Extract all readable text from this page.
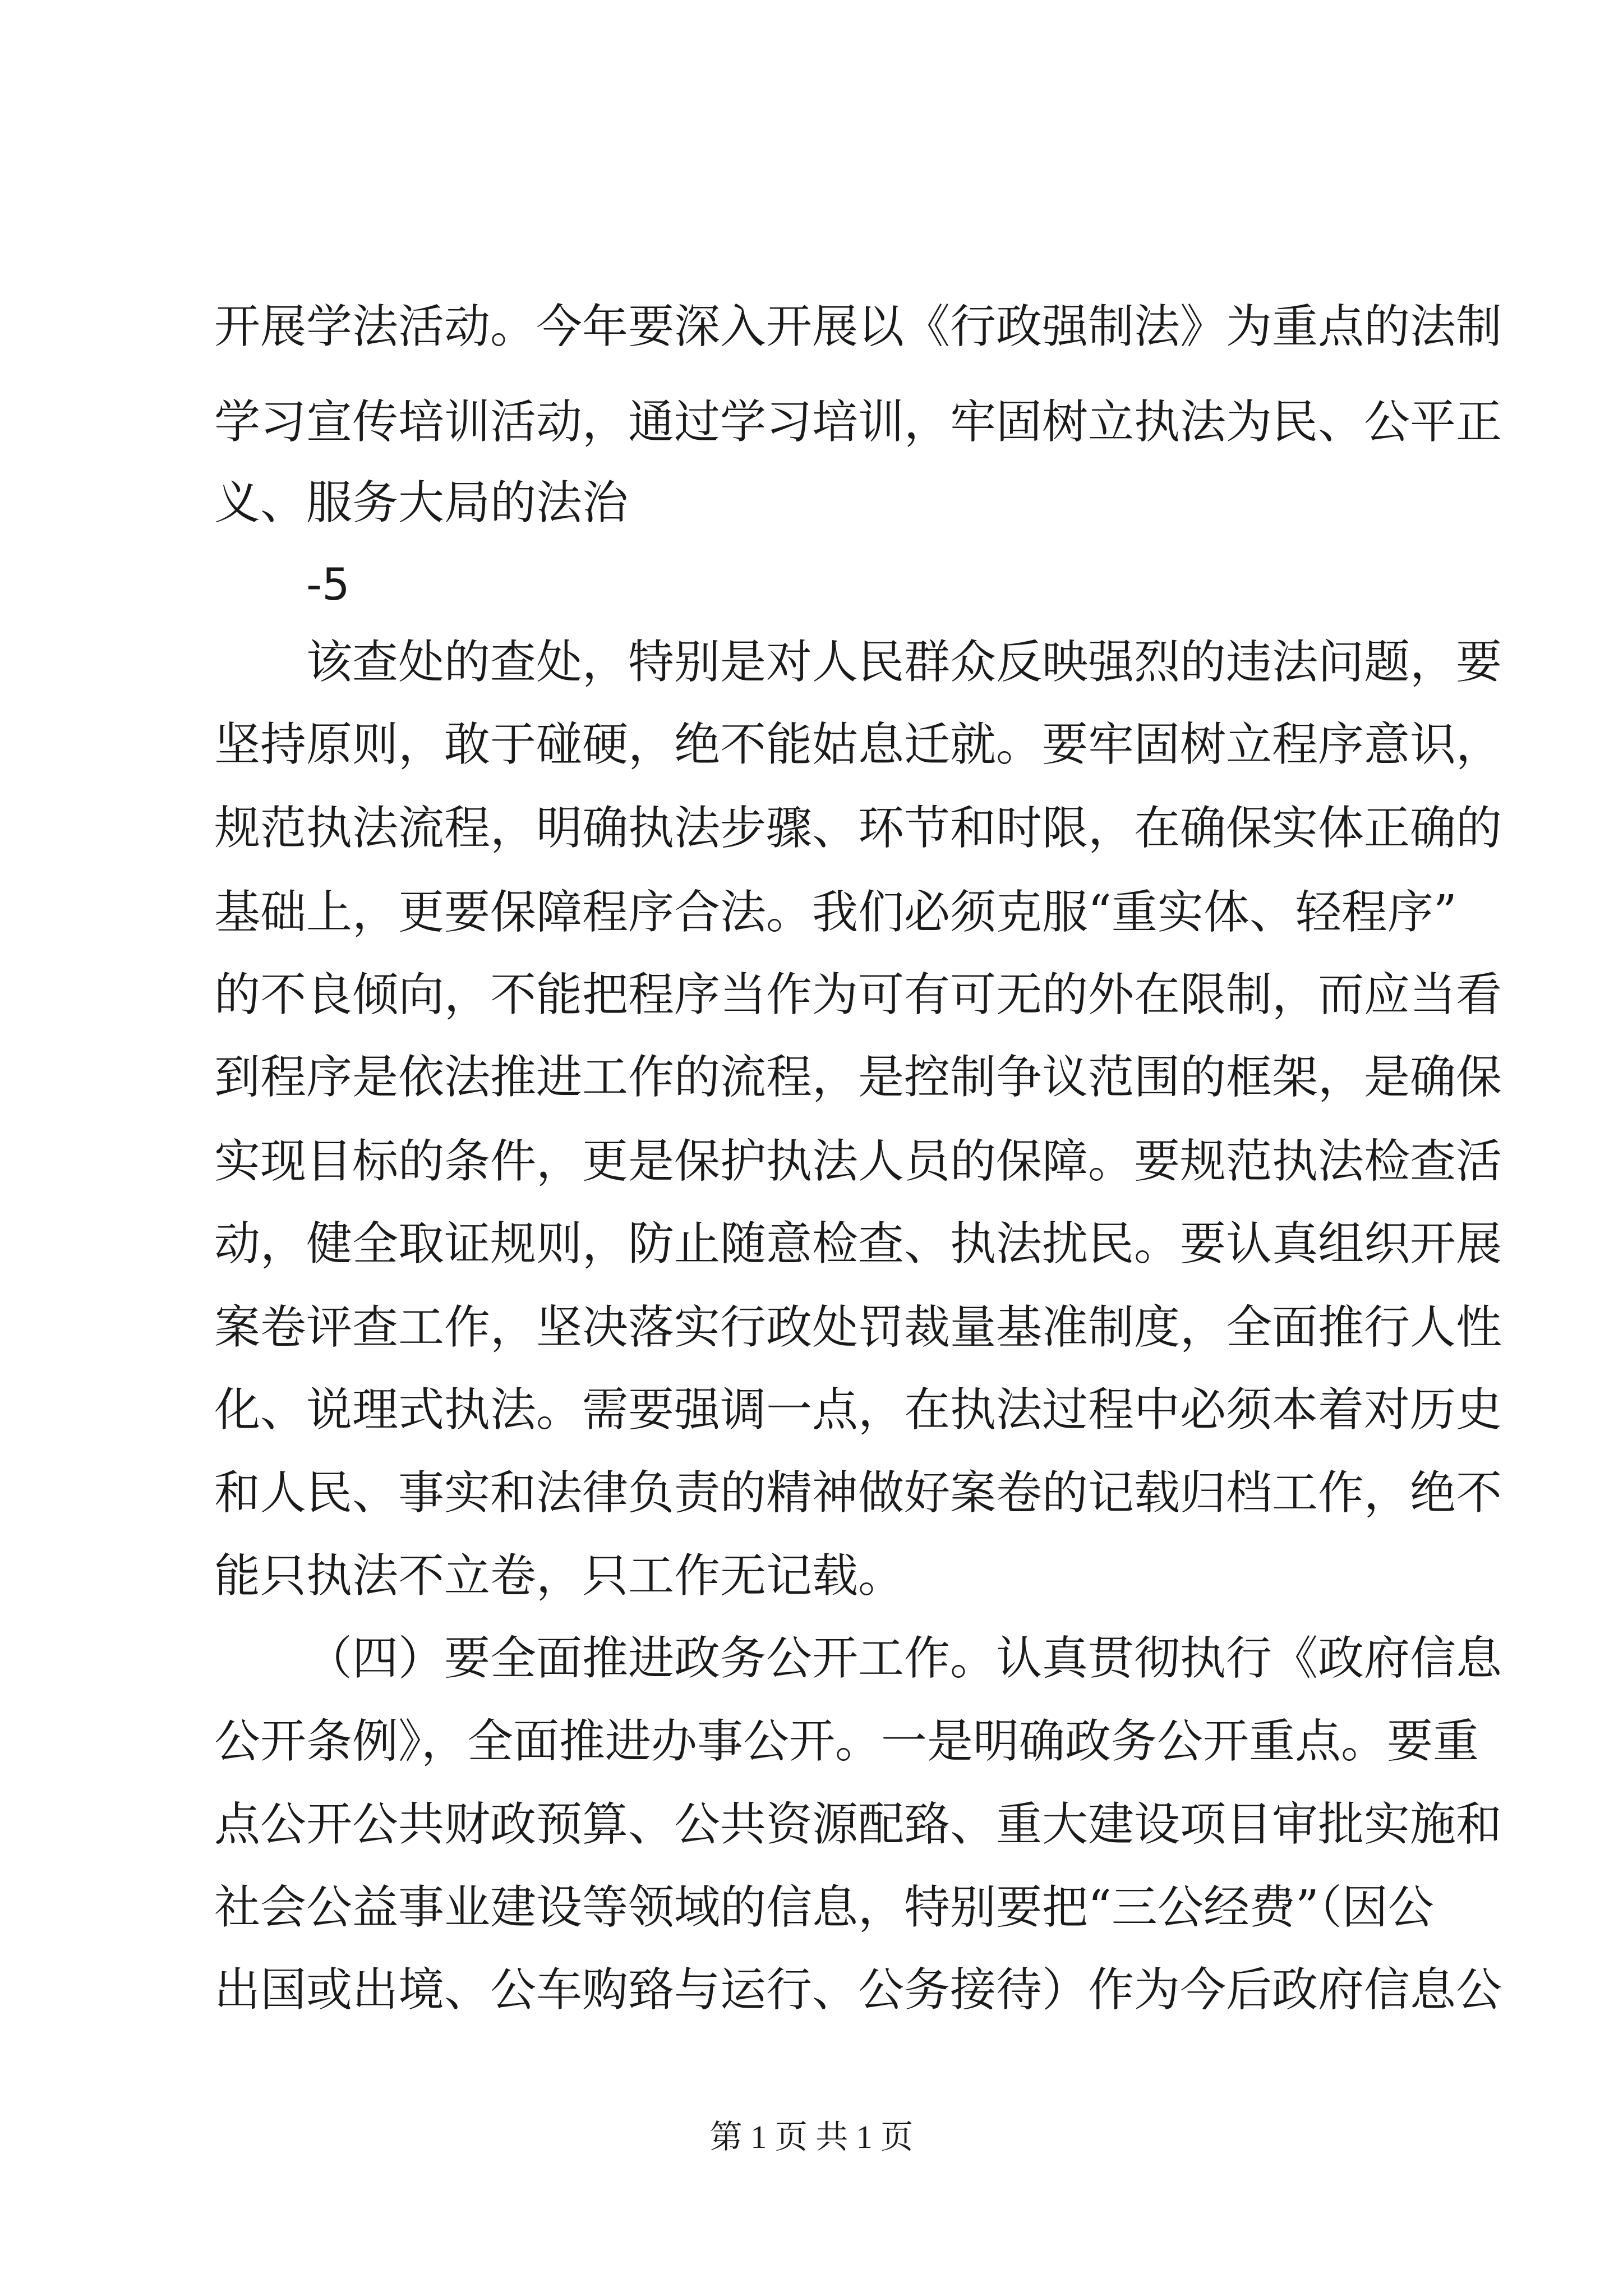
开展学法活动。今年要深入开展以《行政强制法》为重点的法制
学习宣传培训活动，通过学习培训，牢固树立执法为民、公平正
义、服务大局的法治
-5
该查处的查处，特别是对人民群众反映强烈的违法问题，要
坚持原则，敢于碰硬，绝不能姑息迁就。要牢固树立程序意识，
规范执法流程，明确执法步骤、环节和时限，在确保实体正确的
基础上，更要保障程序合法。我们必须克服“重实体、轻程序”
的不良倾向，不能把程序当作为可有可无的外在限制，而应当看
到程序是依法推进工作的流程，是控制争议范围的框架，是确保
实现目标的条件，更是保护执法人员的保障。要规范执法检查活
动，健全取证规则，防止随意检查、执法扰民。要认真组织开展
案卷评查工作，坚决落实行政处罚裁量基准制度，全面推行人性
化、说理式执法。需要强调一点，在执法过程中必须本着对历史
和人民、事实和法律负责的精神做好案卷的记载归档工作，绝不
能只执法不立卷，只工作无记载。
（四）要全面推进政务公开工作。认真贯彻执行《政府信息
公开条例》，全面推进办事公开。一是明确政务公开重点。要重
点公开公共财政预算、公共资源配臵、重大建设项目审批实施和
社会公益事业建设等领域的信息，特别要把“三公经费”（因公
出国或出境、公车购臵与运行、公务接待）作为今后政府信息公
第 1 页 共 1 页
